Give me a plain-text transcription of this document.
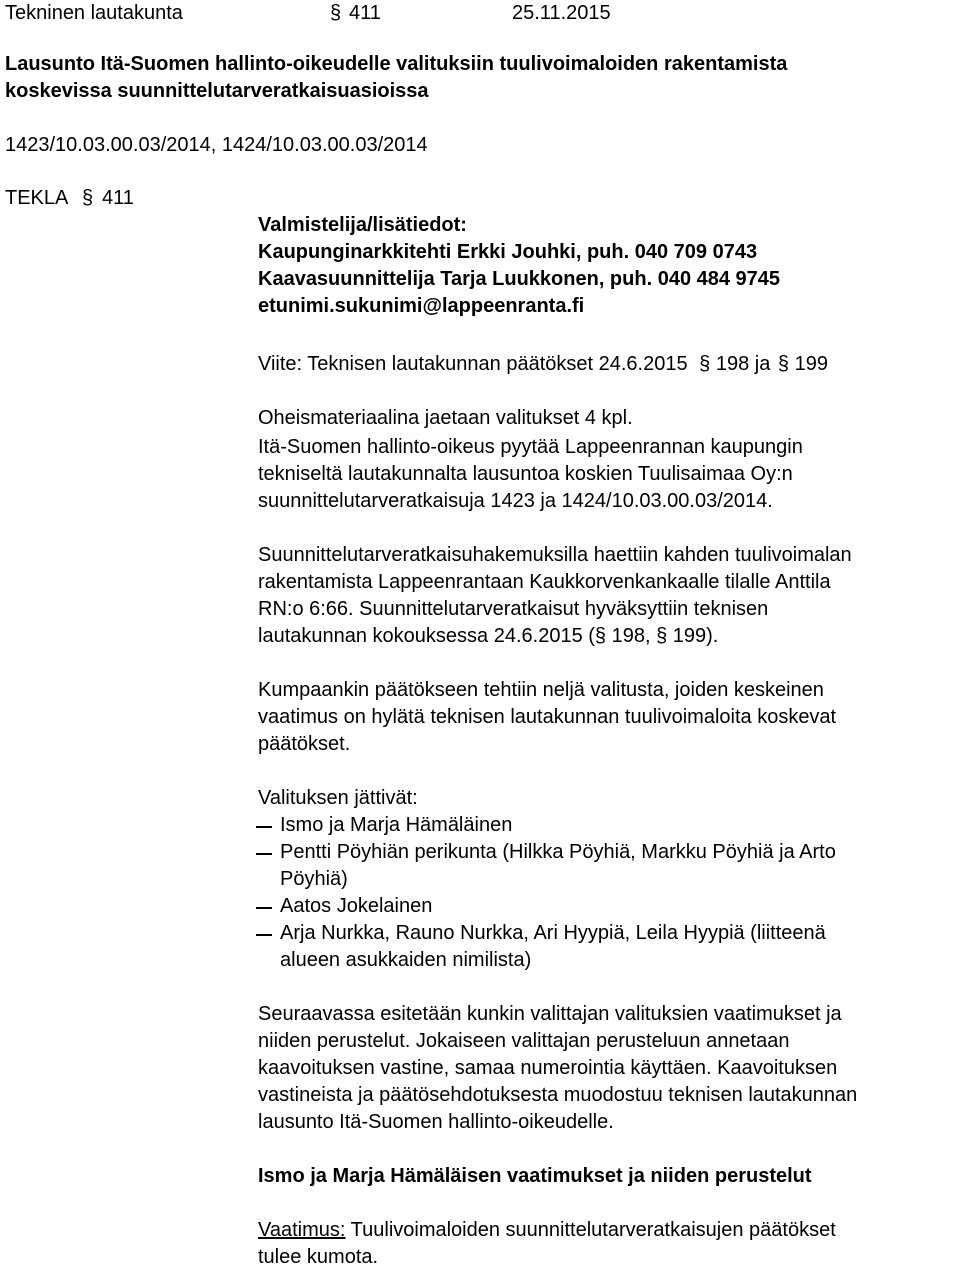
Tekninen lautakunta	§ 411	25.11.2015
Lausunto Itä-Suomen hallinto-oikeudelle valituksiin tuulivoimaloiden rakentamista
koskevissa suunnittelutarveratkaisuasioissa
1423/10.03.00.03/2014, 1424/10.03.00.03/2014
TEKLA § 411
Valmistelija/lisätiedot:
Kaupunginarkkitehti Erkki Jouhki, puh. 040 709 0743
Kaavasuunnittelija Tarja Luukkonen, puh. 040 484 9745
etunimi.sukunimi@lappeenranta.fi
Viite: Teknisen lautakunnan päätökset 24.6.2015 § 198 ja § 199
Oheismateriaalina jaetaan valitukset 4 kpl.
Itä-Suomen hallinto-oikeus pyytää Lappeenrannan kaupungin
tekniseltä lautakunnalta lausuntoa koskien Tuulisaimaa Oy:n
suunnittelutarveratkaisuja 1423 ja 1424/10.03.00.03/2014.
Suunnittelutarveratkaisuhakemuksilla haettiin kahden tuulivoimalan
rakentamista Lappeenrantaan Kaukkorvenkankaalle tilalle Anttila
RN:o 6:66. Suunnittelutarveratkaisut hyväksyttiin teknisen
lautakunnan kokouksessa 24.6.2015 (§ 198, § 199).
Kumpaankin päätökseen tehtiin neljä valitusta, joiden keskeinen
vaatimus on hylätä teknisen lautakunnan tuulivoimaloita koskevat
päätökset.
Valituksen jättivät:
Ismo ja Marja Hämäläinen
Pentti Pöyhiän perikunta (Hilkka Pöyhiä, Markku Pöyhiä ja Arto
Pöyhiä)
Aatos Jokelainen
Arja Nurkka, Rauno Nurkka, Ari Hyypiä, Leila Hyypiä (liitteenä
alueen asukkaiden nimilista)
Seuraavassa esitetään kunkin valittajan valituksien vaatimukset ja
niiden perustelut. Jokaiseen valittajan perusteluun annetaan
kaavoituksen vastine, samaa numerointia käyttäen. Kaavoituksen
vastineista ja päätösehdotuksesta muodostuu teknisen lautakunnan
lausunto Itä-Suomen hallinto-oikeudelle.
Ismo ja Marja Hämäläisen vaatimukset ja niiden perustelut
Vaatimus: Tuulivoimaloiden suunnittelutarveratkaisujen päätökset
tulee kumota.
